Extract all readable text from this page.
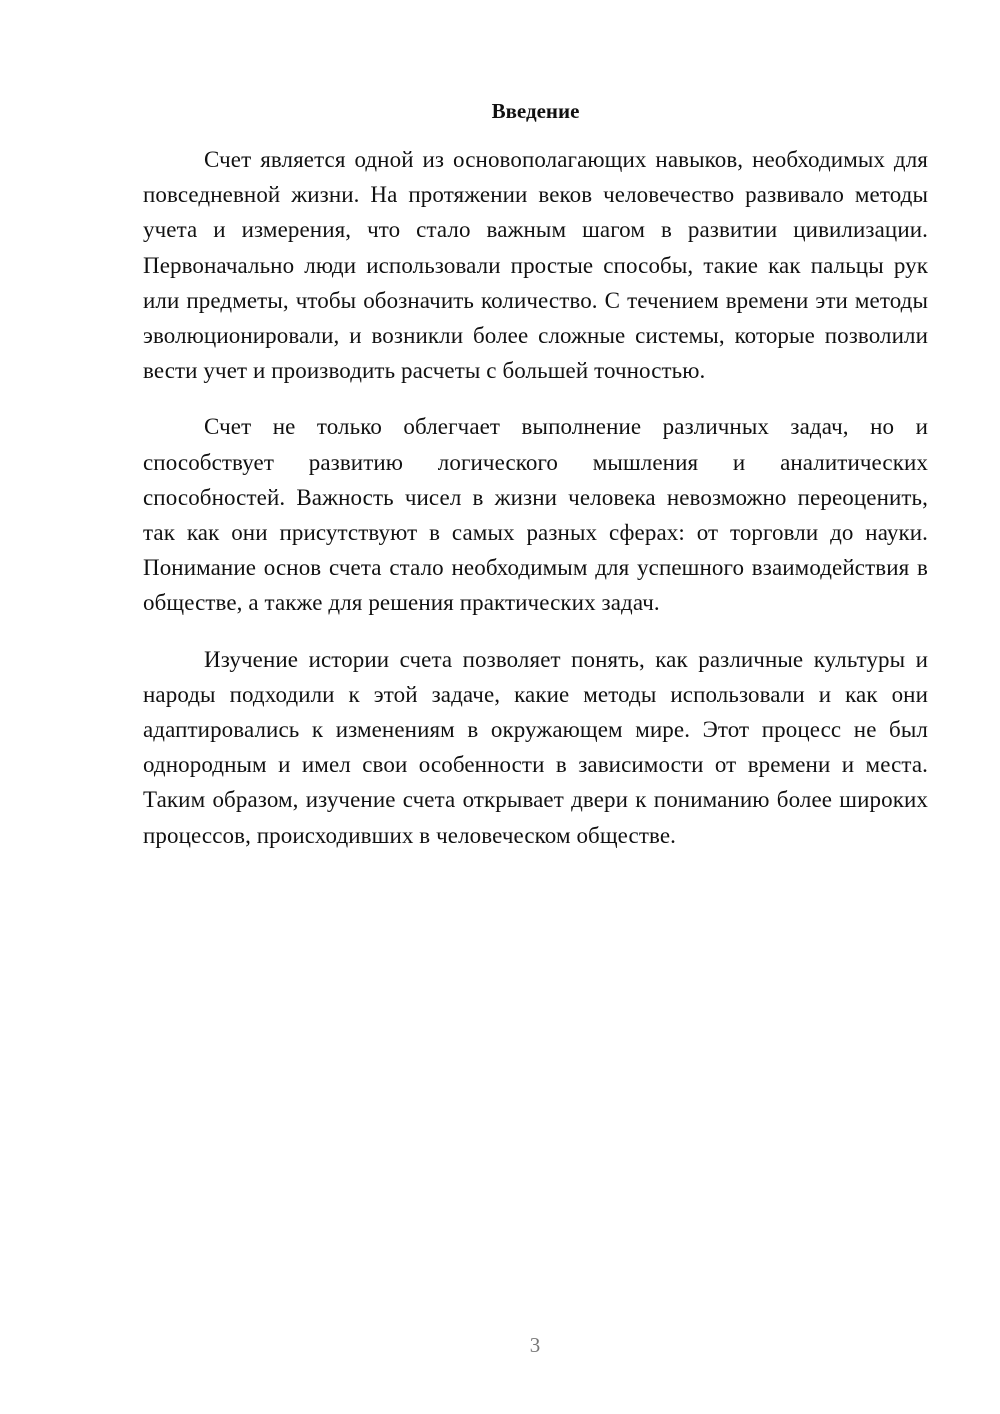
Введение

Счет является одной из основополагающих навыков, необходимых для повседневной жизни. На протяжении веков человечество развивало методы учета и измерения, что стало важным шагом в развитии цивилизации. Первоначально люди использовали простые способы, такие как пальцы рук или предметы, чтобы обозначить количество. С течением времени эти методы эволюционировали, и возникли более сложные системы, которые позволили вести учет и производить расчеты с большей точностью.

Счет не только облегчает выполнение различных задач, но и способствует развитию логического мышления и аналитических способностей. Важность чисел в жизни человека невозможно переоценить, так как они присутствуют в самых разных сферах: от торговли до науки. Понимание основ счета стало необходимым для успешного взаимодействия в обществе, а также для решения практических задач.

Изучение истории счета позволяет понять, как различные культуры и народы подходили к этой задаче, какие методы использовали и как они адаптировались к изменениям в окружающем мире. Этот процесс не был однородным и имел свои особенности в зависимости от времени и места. Таким образом, изучение счета открывает двери к пониманию более широких процессов, происходивших в человеческом обществе.

3
